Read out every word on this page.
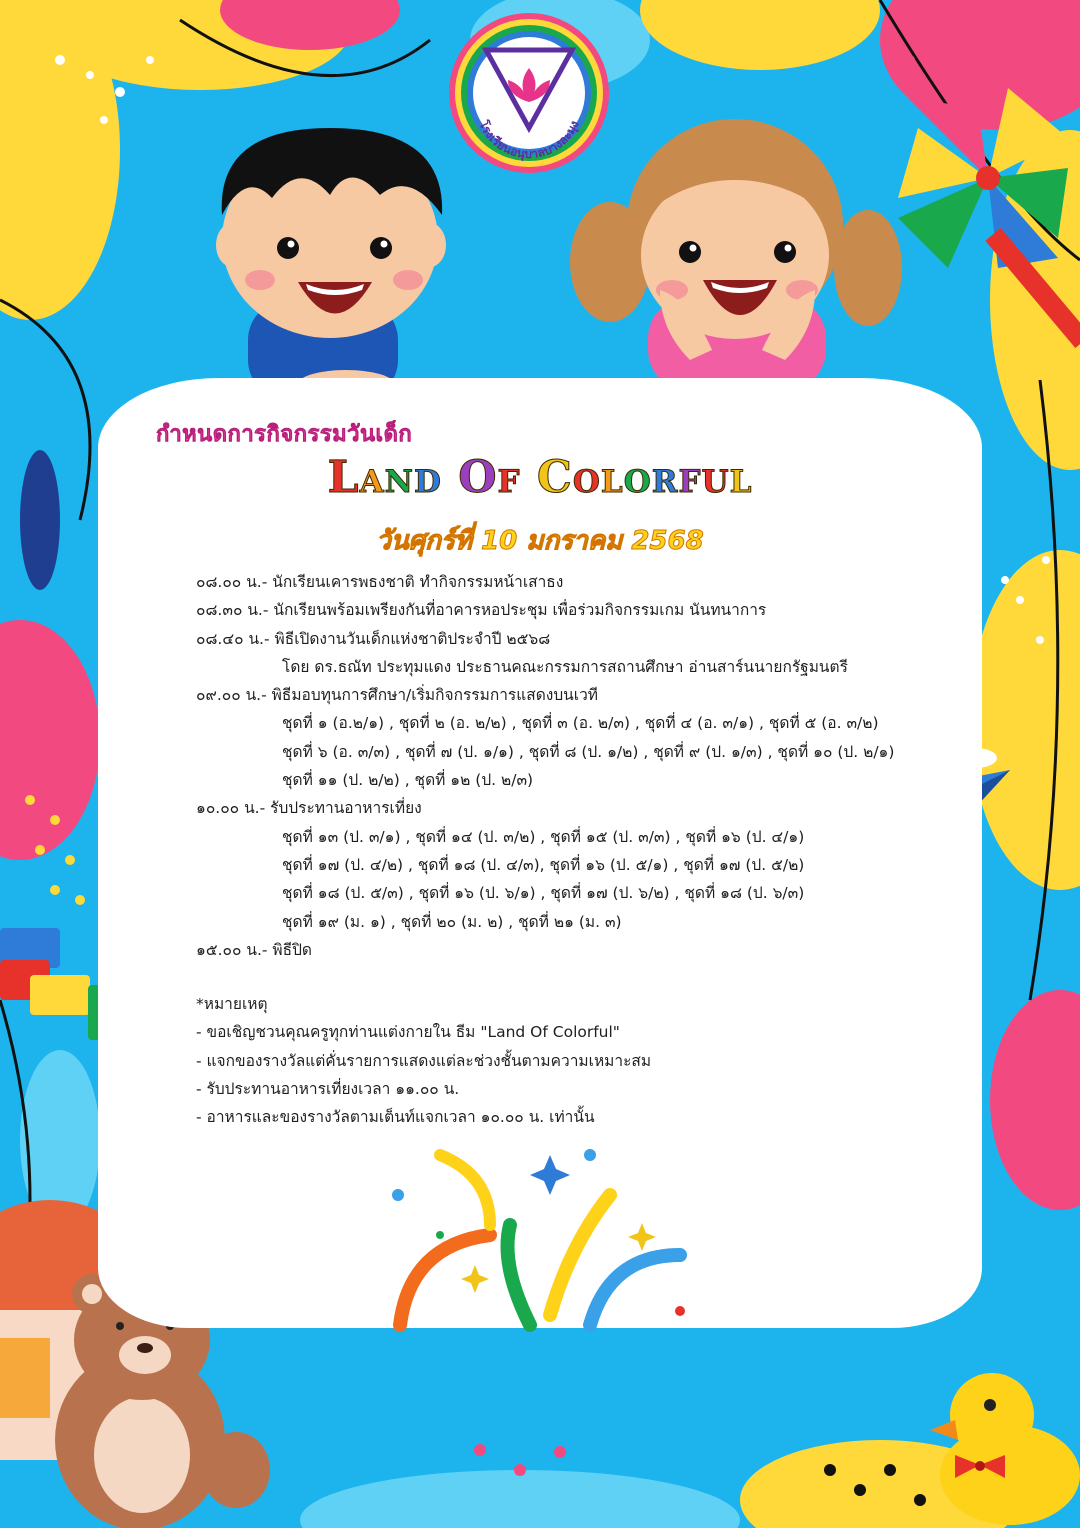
โรงเรียนอนุบาลบางละมุง
กำหนดการกิจกรรมวันเด็ก
Land Of Colorful
วันศุกร์ที่ 10 มกราคม 2568
๐๘.๐๐ น. - นักเรียนเคารพธงชาติ ทำกิจกรรมหน้าเสาธง
๐๘.๓๐ น. - นักเรียนพร้อมเพรียงกันที่อาคารหอประชุม เพื่อร่วมกิจกรรมเกม นันทนาการ
๐๘.๔๐ น. - พิธีเปิดงานวันเด็กแห่งชาติประจำปี ๒๕๖๘
โดย ดร.ธณัท ประทุมแดง ประธานคณะกรรมการสถานศึกษา อ่านสาร์นนายกรัฐมนตรี
๐๙.๐๐ น. - พิธีมอบทุนการศึกษา/เริ่มกิจกรรมการแสดงบนเวที
ชุดที่ ๑ (อ.๒/๑) , ชุดที่ ๒ (อ. ๒/๒) , ชุดที่ ๓ (อ. ๒/๓) , ชุดที่ ๔ (อ. ๓/๑) , ชุดที่ ๕ (อ. ๓/๒)
ชุดที่ ๖ (อ. ๓/๓) , ชุดที่ ๗ (ป. ๑/๑) , ชุดที่ ๘ (ป. ๑/๒) , ชุดที่ ๙ (ป. ๑/๓) , ชุดที่ ๑๐ (ป. ๒/๑)
ชุดที่ ๑๑ (ป. ๒/๒) , ชุดที่ ๑๒ (ป. ๒/๓)
๑๐.๐๐ น. - รับประทานอาหารเที่ยง
ชุดที่ ๑๓ (ป. ๓/๑) , ชุดที่ ๑๔ (ป. ๓/๒) , ชุดที่ ๑๕ (ป. ๓/๓) , ชุดที่ ๑๖ (ป. ๔/๑)
ชุดที่ ๑๗ (ป. ๔/๒) , ชุดที่ ๑๘ (ป. ๔/๓), ชุดที่ ๑๖ (ป. ๕/๑) , ชุดที่ ๑๗ (ป. ๕/๒)
ชุดที่ ๑๘ (ป. ๕/๓) , ชุดที่ ๑๖ (ป. ๖/๑) , ชุดที่ ๑๗ (ป. ๖/๒) , ชุดที่ ๑๘ (ป. ๖/๓)
ชุดที่ ๑๙ (ม. ๑) , ชุดที่ ๒๐ (ม. ๒) , ชุดที่ ๒๑ (ม. ๓)
๑๕.๐๐ น. - พิธีปิด
*หมายเหตุ
- ขอเชิญชวนคุณครูทุกท่านแต่งกายใน ธีม "Land Of Colorful"
- แจกของรางวัลแต่คั่นรายการแสดงแต่ละช่วงชั้นตามความเหมาะสม
- รับประทานอาหารเที่ยงเวลา ๑๑.๐๐ น.
- อาหารและของรางวัลตามเต็นท์แจกเวลา ๑๐.๐๐ น. เท่านั้น
